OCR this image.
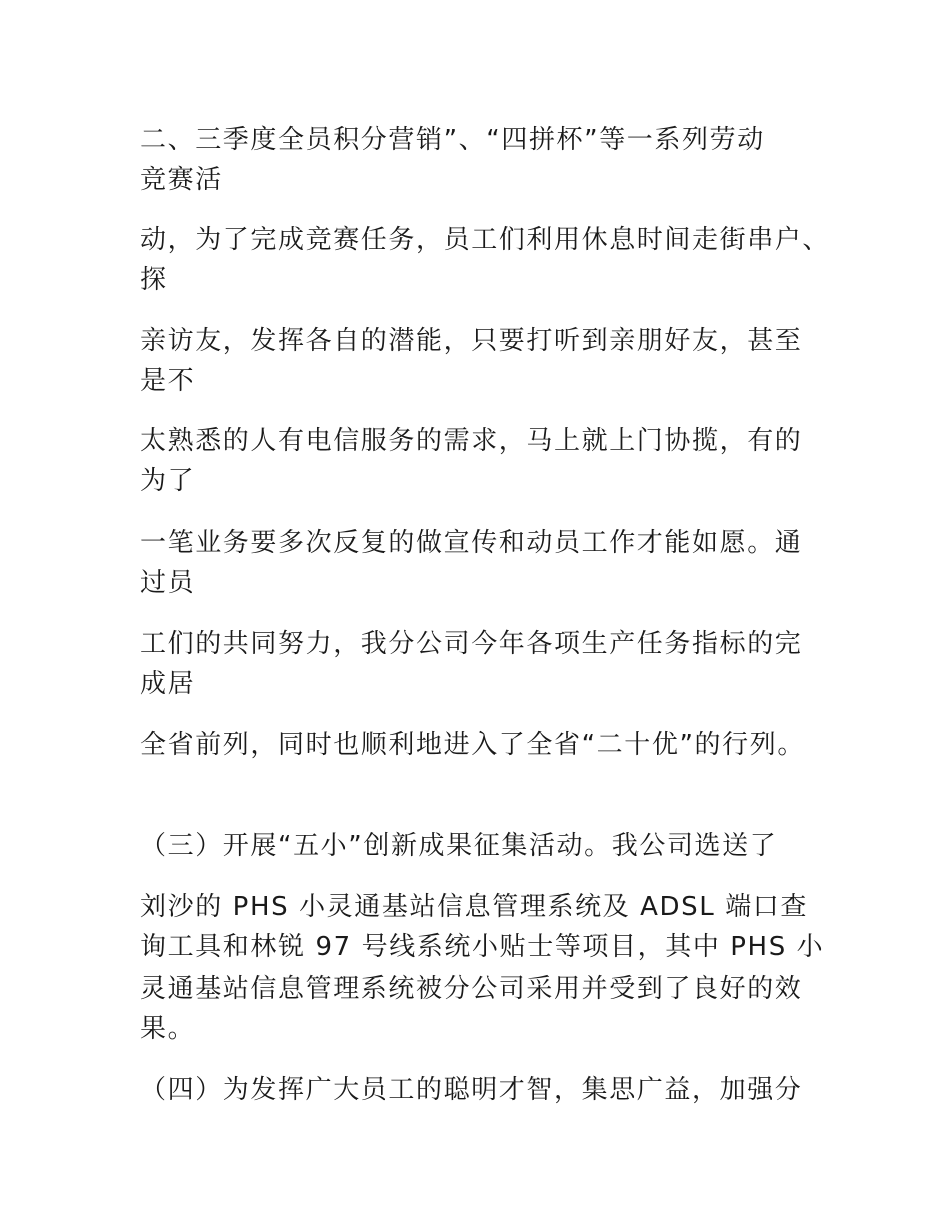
二、三季度全员积分营销”、“四拼杯”等一系列劳动
竞赛活
动，为了完成竞赛任务，员工们利用休息时间走街串户、
探
亲访友，发挥各自的潜能，只要打听到亲朋好友，甚至
是不
太熟悉的人有电信服务的需求，马上就上门协揽，有的
为了
一笔业务要多次反复的做宣传和动员工作才能如愿。通
过员
工们的共同努力，我分公司今年各项生产任务指标的完
成居
全省前列，同时也顺利地进入了全省“二十优”的行列。
（三）开展“五小”创新成果征集活动。我公司选送了
刘沙的 PHS 小灵通基站信息管理系统及 ADSL 端口查
询工具和林锐 97 号线系统小贴士等项目，其中 PHS 小
灵通基站信息管理系统被分公司采用并受到了良好的效
果。
（四）为发挥广大员工的聪明才智，集思广益，加强分
